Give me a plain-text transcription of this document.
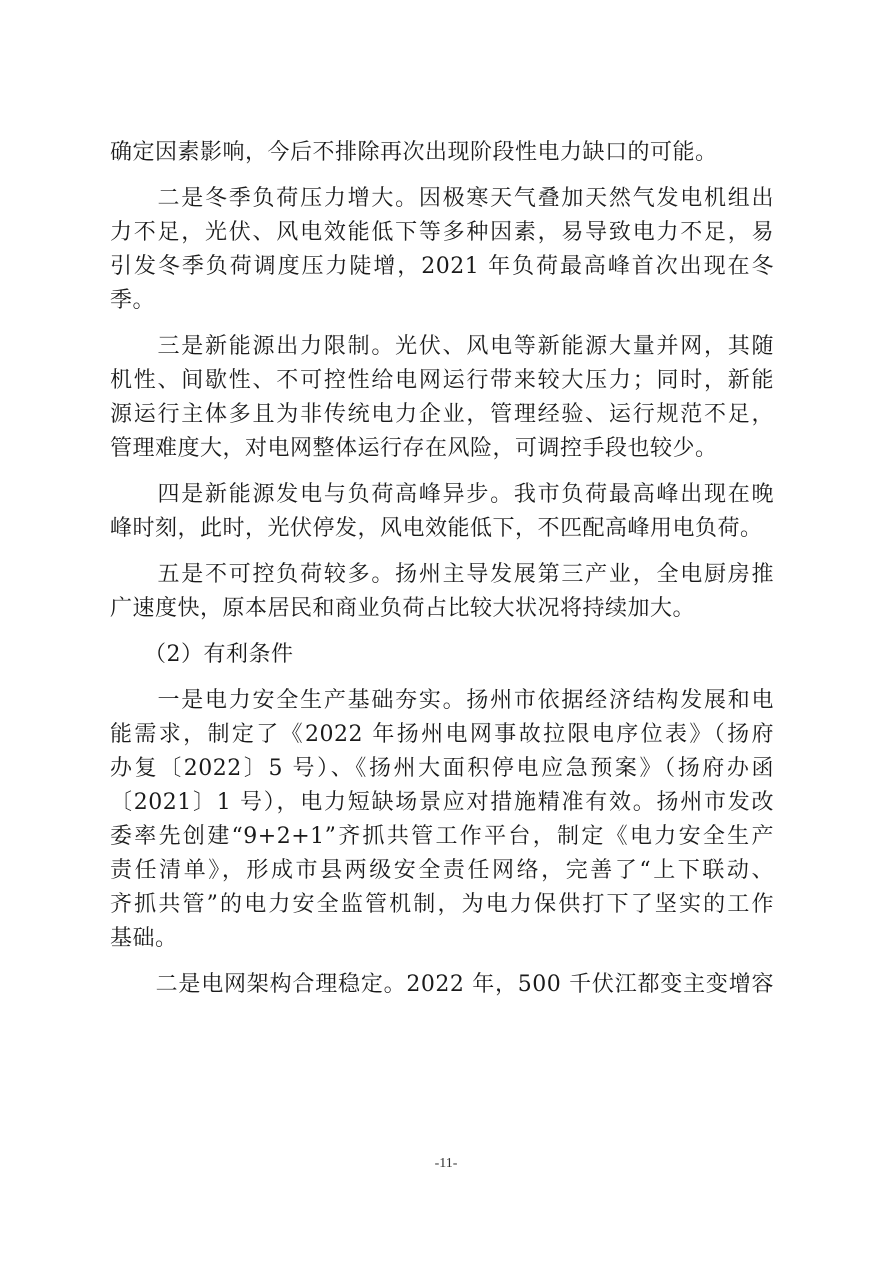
确定因素影响，今后不排除再次出现阶段性电力缺口的可能。
　　二是冬季负荷压力增大。因极寒天气叠加天然气发电机组出
力不足，光伏、风电效能低下等多种因素，易导致电力不足，易
引发冬季负荷调度压力陡增，2021 年负荷最高峰首次出现在冬
季。
　　三是新能源出力限制。光伏、风电等新能源大量并网，其随
机性、间歇性、不可控性给电网运行带来较大压力；同时，新能
源运行主体多且为非传统电力企业，管理经验、运行规范不足，
管理难度大，对电网整体运行存在风险，可调控手段也较少。
　　四是新能源发电与负荷高峰异步。我市负荷最高峰出现在晚
峰时刻，此时，光伏停发，风电效能低下，不匹配高峰用电负荷。
　　五是不可控负荷较多。扬州主导发展第三产业，全电厨房推
广速度快，原本居民和商业负荷占比较大状况将持续加大。
　　（2）有利条件
　　一是电力安全生产基础夯实。扬州市依据经济结构发展和电
能需求，制定了《2022 年扬州电网事故拉限电序位表》（扬府
办复〔2022〕5 号）、《扬州大面积停电应急预案》（扬府办函
〔2021〕1 号），电力短缺场景应对措施精准有效。扬州市发改
委率先创建“9+2+1”齐抓共管工作平台，制定《电力安全生产
责任清单》，形成市县两级安全责任网络，完善了“上下联动、
齐抓共管”的电力安全监管机制，为电力保供打下了坚实的工作
基础。
　　二是电网架构合理稳定。2022 年，500 千伏江都变主变增容
-11-
